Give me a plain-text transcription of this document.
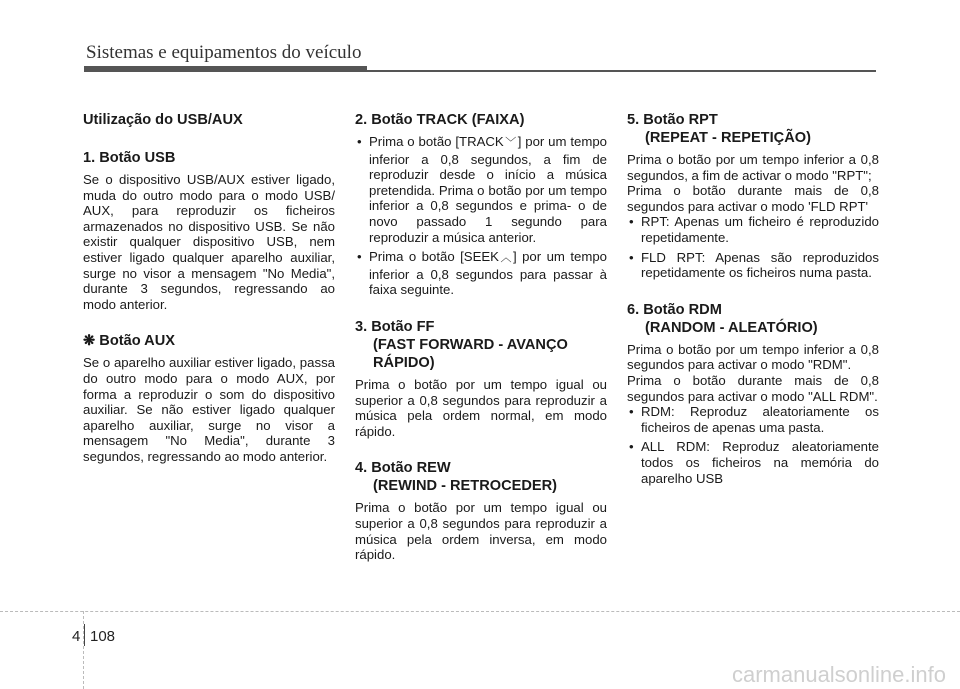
Sistemas e equipamentos do veículo
Utilização do USB/AUX
1. Botão USB

Se o dispositivo USB/AUX estiver ligado, muda do outro modo para o modo USB/ AUX, para reproduzir os ficheiros armazenados no dispositivo USB. Se não existir qualquer dispositivo USB, nem estiver ligado qualquer aparelho auxiliar, surge no visor a mensagem "No Media", durante 3 segundos, regressando ao modo anterior.

❋ Botão AUX

Se o aparelho auxiliar estiver ligado, passa do outro modo para o modo AUX, por forma a reproduzir o som do dispositivo auxiliar. Se não estiver ligado qualquer aparelho auxiliar, surge no visor a mensagem "No Media", durante 3 segundos, regressando ao modo anterior.

2. Botão TRACK (FAIXA)
• Prima o botão [TRACK ﹀ ] por um tempo inferior a 0,8 segundos, a fim de reproduzir desde o início a música pretendida. Prima o botão por um tempo inferior a 0,8 segundos e prima- o de novo passado 1 segundo para reproduzir a música anterior.
• Prima o botão [SEEK ︿ ] por um tempo inferior a 0,8 segundos para passar à faixa seguinte.
3. Botão FF
(FAST FORWARD - AVANÇO RÁPIDO)

Prima o botão por um tempo igual ou superior a 0,8 segundos para reproduzir a música pela ordem normal, em modo rápido.

4. Botão REW
(REWIND - RETROCEDER)

Prima o botão por um tempo igual ou superior a 0,8 segundos para reproduzir a música pela ordem inversa, em modo rápido.

5. Botão RPT
(REPEAT - REPETIÇÃO)

Prima o botão por um tempo inferior a 0,8 segundos, a fim de activar o modo "RPT";

Prima o botão durante mais de 0,8 segundos para activar o modo 'FLD RPT'

• RPT: Apenas um ficheiro é reproduzido repetidamente.
• FLD RPT: Apenas são reproduzidos repetidamente os ficheiros numa pasta.
6. Botão RDM
(RANDOM - ALEATÓRIO)

Prima o botão por um tempo inferior a 0,8 segundos para activar o modo "RDM".

Prima o botão durante mais de 0,8 segundos para activar o modo "ALL RDM".

• RDM: Reproduz aleatoriamente os ficheiros de apenas uma pasta.
• ALL RDM: Reproduz aleatoriamente todos os ficheiros na memória do aparelho USB
4 108
carmanualsonline.info
